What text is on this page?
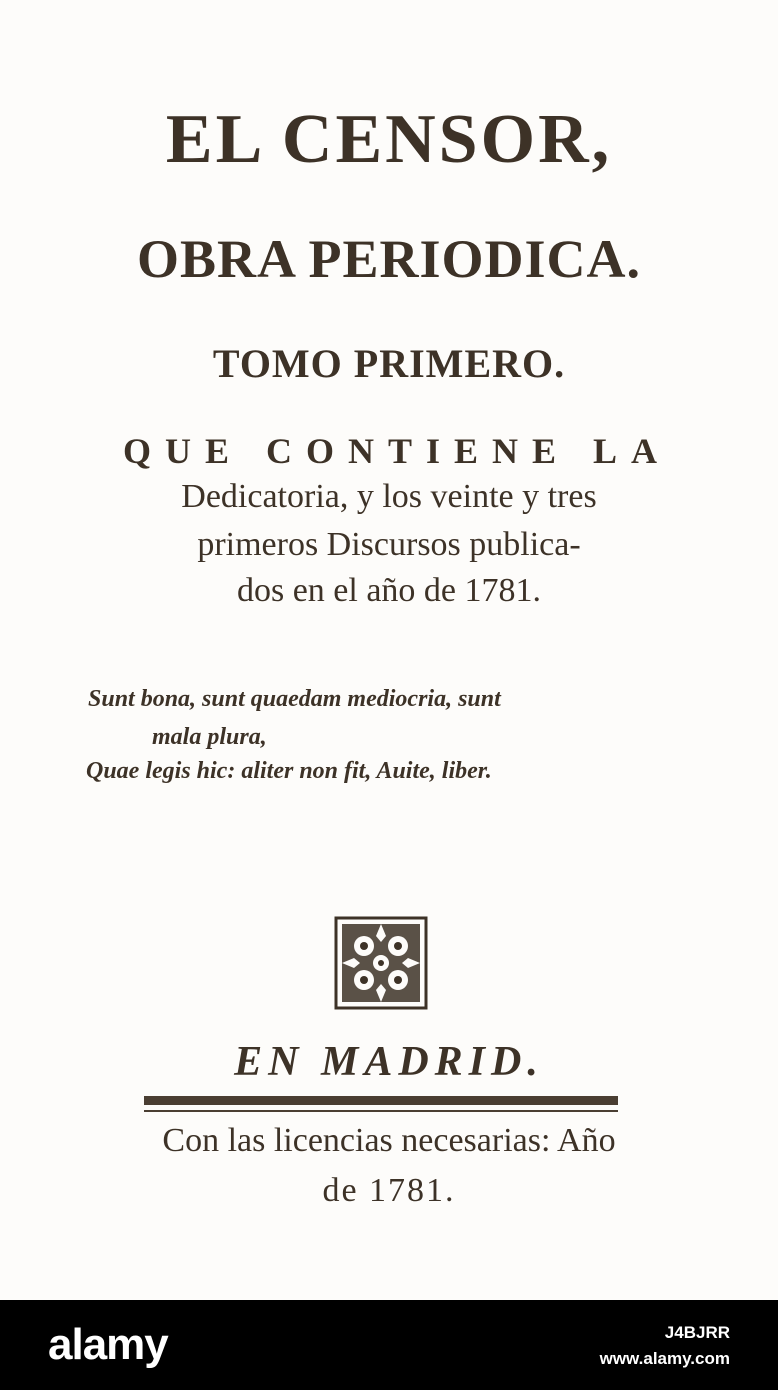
EL CENSOR,
OBRA PERIODICA.
TOMO PRIMERO.
QUE CONTIENE LA
Dedicatoria, y los veinte y tres
primeros Discursos publica-
dos en el año de 1781.
Sunt bona, sunt quaedam mediocria, sunt
mala plura,
Quae legis hic: aliter non fit, Auite, liber.
EN MADRID.
Con las licencias necesarias: Año
de 1781.
alamy	J4BJRR
www.alamy.com
